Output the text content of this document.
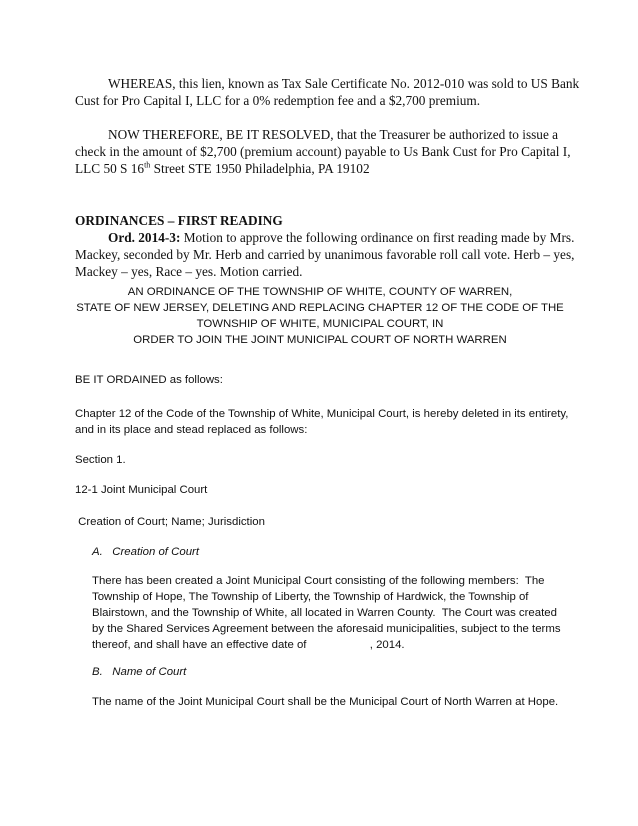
WHEREAS, this lien, known as Tax Sale Certificate No. 2012-010 was sold to US Bank Cust for Pro Capital I, LLC for a 0% redemption fee and a $2,700 premium.

NOW THEREFORE, BE IT RESOLVED, that the Treasurer be authorized to issue a check in the amount of $2,700 (premium account) payable to Us Bank Cust for Pro Capital I, LLC 50 S 16th Street STE 1950 Philadelphia, PA 19102

ORDINANCES – FIRST READING

Ord. 2014-3: Motion to approve the following ordinance on first reading made by Mrs. Mackey, seconded by Mr. Herb and carried by unanimous favorable roll call vote. Herb – yes, Mackey – yes, Race – yes. Motion carried.

AN ORDINANCE OF THE TOWNSHIP OF WHITE, COUNTY OF WARREN,
STATE OF NEW JERSEY, DELETING AND REPLACING CHAPTER 12 OF THE CODE OF THE
TOWNSHIP OF WHITE, MUNICIPAL COURT, IN
ORDER TO JOIN THE JOINT MUNICIPAL COURT OF NORTH WARREN

BE IT ORDAINED as follows:

Chapter 12 of the Code of the Township of White, Municipal Court, is hereby deleted in its entirety, and in its place and stead replaced as follows:

Section 1.

12-1 Joint Municipal Court

Creation of Court; Name; Jurisdiction

A.   Creation of Court

There has been created a Joint Municipal Court consisting of the following members:  The Township of Hope, The Township of Liberty, the Township of Hardwick, the Township of Blairstown, and the Township of White, all located in Warren County.  The Court was created by the Shared Services Agreement between the aforesaid municipalities, subject to the terms thereof, and shall have an effective date of                    , 2014.

B.   Name of Court

The name of the Joint Municipal Court shall be the Municipal Court of North Warren at Hope.
